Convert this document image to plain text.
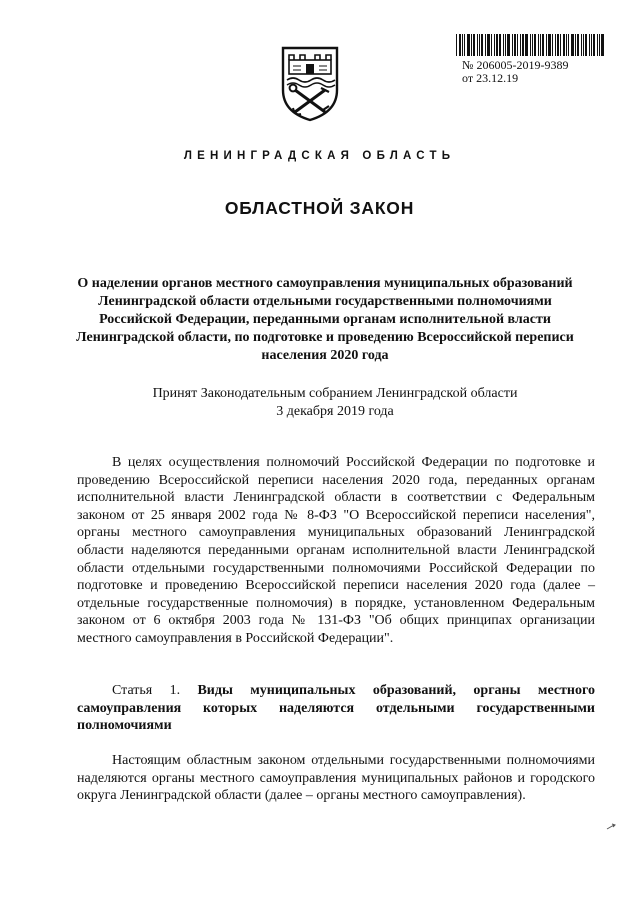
№ 206005-2019-9389
от 23.12.19
ЛЕНИНГРАДСКАЯ ОБЛАСТЬ
ОБЛАСТНОЙ ЗАКОН
О наделении органов местного самоуправления муниципальных образований Ленинградской области отдельными государственными полномочиями Российской Федерации, переданными органам исполнительной власти Ленинградской области, по подготовке и проведению Всероссийской переписи населения 2020 года
Принят Законодательным собранием Ленинградской области
3 декабря 2019 года
В целях осуществления полномочий Российской Федерации по подготовке и проведению Всероссийской переписи населения 2020 года, переданных органам исполнительной власти Ленинградской области в соответствии с Федеральным законом от 25 января 2002 года № 8-ФЗ "О Всероссийской переписи населения", органы местного самоуправления муниципальных образований Ленинградской области наделяются переданными органам исполнительной власти Ленинградской области отдельными государственными полномочиями Российской Федерации по подготовке и проведению Всероссийской переписи населения 2020 года (далее – отдельные государственные полномочия) в порядке, установленном Федеральным законом от 6 октября 2003 года № 131-ФЗ "Об общих принципах организации местного самоуправления в Российской Федерации".
Статья 1. Виды муниципальных образований, органы местного самоуправления которых наделяются отдельными государственными полномочиями
Настоящим областным законом отдельными государственными полномочиями наделяются органы местного самоуправления муниципальных районов и городского округа Ленинградской области (далее – органы местного самоуправления).
